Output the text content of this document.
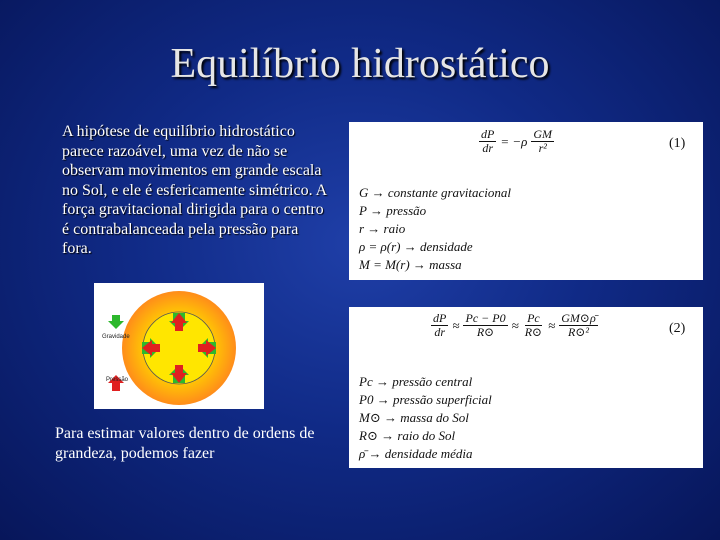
Equilíbrio hidrostático
A hipótese de equilíbrio hidrostático parece razoável, uma vez de não se observam movimentos em grande escala no Sol, e ele é esfericamente simétrico. A força gravitacional dirigida para o centro é contrabalanceada pela pressão para fora.
$\frac{dP}{dr} = -\rho \frac{GM}{\text{r²}}$	(1)
G → constante gravitacional
P → pressão
r → raio
ρ = ρ(r) → densidade
M = M(r) → massa
Gravidade
Pressão
Para estimar valores dentro de ordens de grandeza, podemos fazer
$\frac{dP}{dr} \approx \frac{Pc - P0}{R⊙} \approx \frac{Pc}{R⊙} \approx \frac{GM⊙\rhō}{\text{R⊙²}}$	(2)
Pc → pressão central
P0 → pressão superficial
M⊙ → massa do Sol
R⊙ → raio do Sol
ρ̄ → densidade média
